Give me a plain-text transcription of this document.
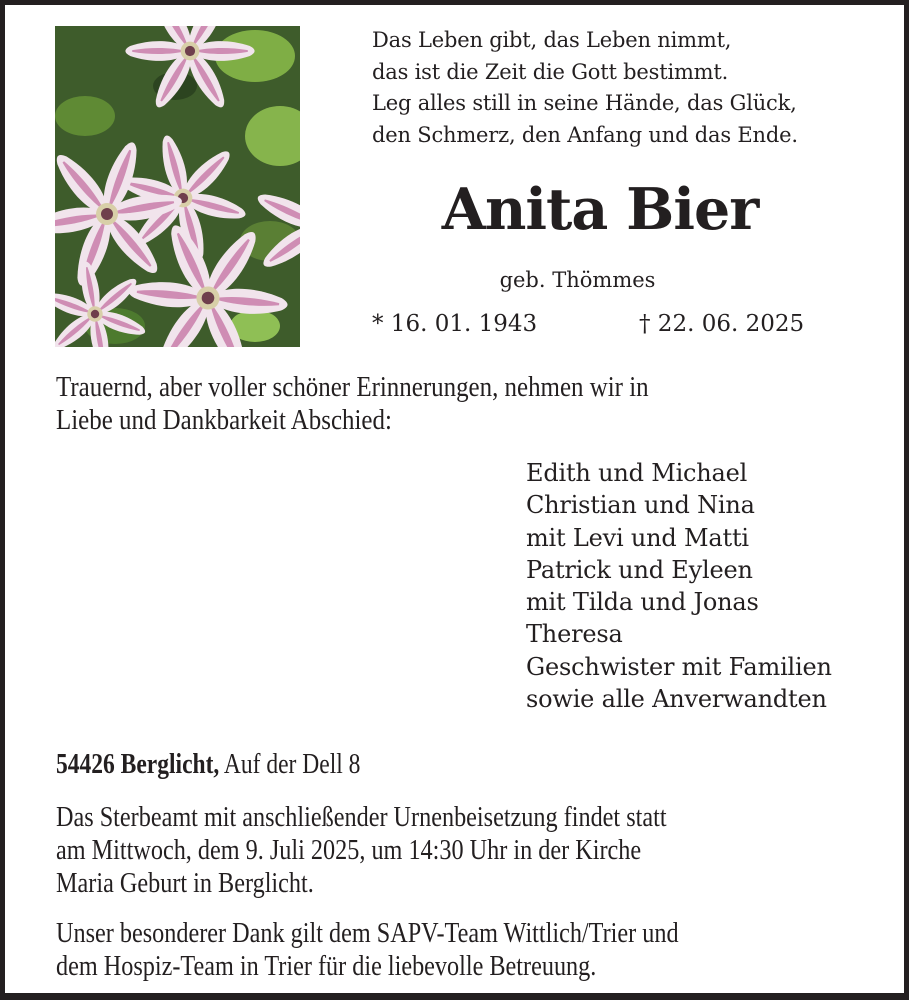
Das Leben gibt, das Leben nimmt,
das ist die Zeit die Gott bestimmt.
Leg alles still in seine Hände, das Glück,
den Schmerz, den Anfang und das Ende.
Anita Bier
geb. Thömmes
* 16. 01. 1943	† 22. 06. 2025
Trauernd, aber voller schöner Erinnerungen, nehmen wir in
Liebe und Dankbarkeit Abschied:
Edith und Michael
Christian und Nina
mit Levi und Matti
Patrick und Eyleen
mit Tilda und Jonas
Theresa
Geschwister mit Familien
sowie alle Anverwandten
54426 Berglicht, Auf der Dell 8
Das Sterbeamt mit anschließender Urnenbeisetzung findet statt
am Mittwoch, dem 9. Juli 2025, um 14:30 Uhr in der Kirche
Maria Geburt in Berglicht.
Unser besonderer Dank gilt dem SAPV-Team Wittlich/Trier und
dem Hospiz-Team in Trier für die liebevolle Betreuung.
